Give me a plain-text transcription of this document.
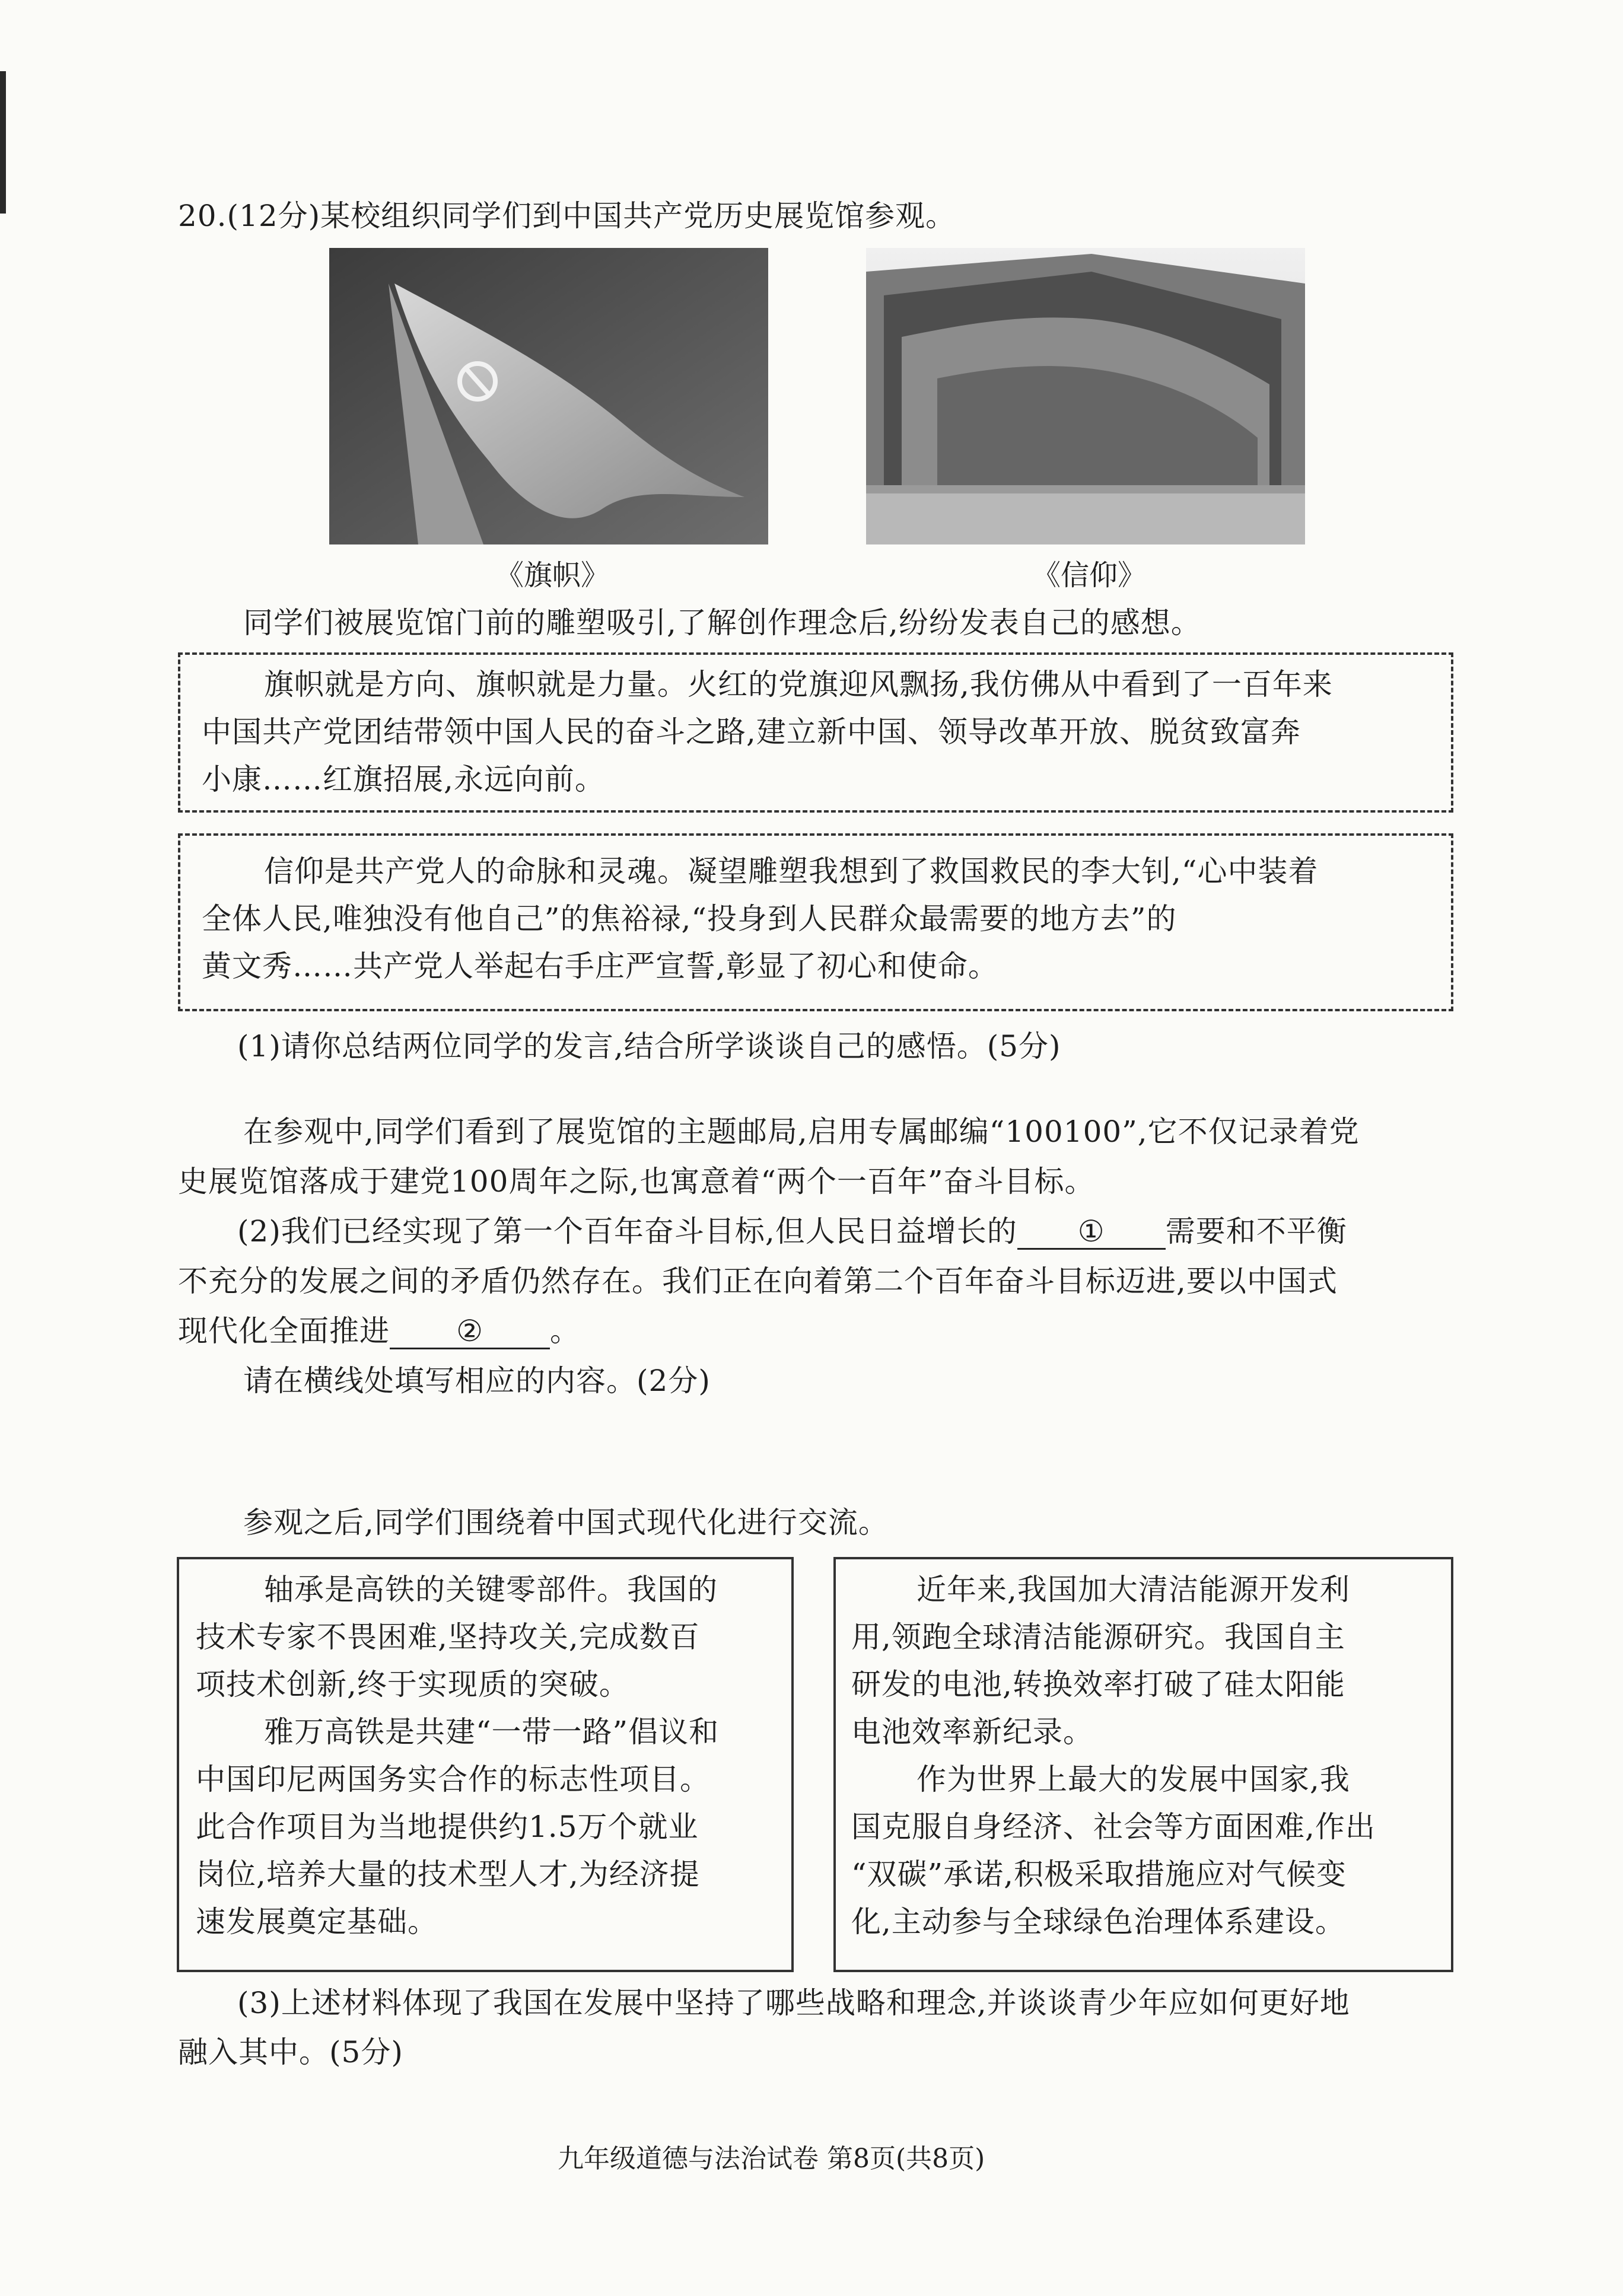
20.(12分)某校组织同学们到中国共产党历史展览馆参观。
《旗帜》	《信仰》
同学们被展览馆门前的雕塑吸引,了解创作理念后,纷纷发表自己的感想。
旗帜就是方向、旗帜就是力量。火红的党旗迎风飘扬,我仿佛从中看到了一百年来
中国共产党团结带领中国人民的奋斗之路,建立新中国、领导改革开放、脱贫致富奔
小康……红旗招展,永远向前。
信仰是共产党人的命脉和灵魂。凝望雕塑我想到了救国救民的李大钊,“心中装着
全体人民,唯独没有他自己”的焦裕禄,“投身到人民群众最需要的地方去”的
黄文秀……共产党人举起右手庄严宣誓,彰显了初心和使命。
(1)请你总结两位同学的发言,结合所学谈谈自己的感悟。(5分)
在参观中,同学们看到了展览馆的主题邮局,启用专属邮编“100100”,它不仅记录着党
史展览馆落成于建党100周年之际,也寓意着“两个一百年”奋斗目标。
(2)我们已经实现了第一个百年奋斗目标,但人民日益增长的 ① 需要和不平衡
不充分的发展之间的矛盾仍然存在。我们正在向着第二个百年奋斗目标迈进,要以中国式
现代化全面推进 ② 。
请在横线处填写相应的内容。(2分)
参观之后,同学们围绕着中国式现代化进行交流。
轴承是高铁的关键零部件。我国的
技术专家不畏困难,坚持攻关,完成数百
项技术创新,终于实现质的突破。
雅万高铁是共建“一带一路”倡议和
中国印尼两国务实合作的标志性项目。
此合作项目为当地提供约1.5万个就业
岗位,培养大量的技术型人才,为经济提
速发展奠定基础。
近年来,我国加大清洁能源开发利
用,领跑全球清洁能源研究。我国自主
研发的电池,转换效率打破了硅太阳能
电池效率新纪录。
作为世界上最大的发展中国家,我
国克服自身经济、社会等方面困难,作出
“双碳”承诺,积极采取措施应对气候变
化,主动参与全球绿色治理体系建设。
(3)上述材料体现了我国在发展中坚持了哪些战略和理念,并谈谈青少年应如何更好地
融入其中。(5分)
九年级道德与法治试卷 第8页(共8页)
